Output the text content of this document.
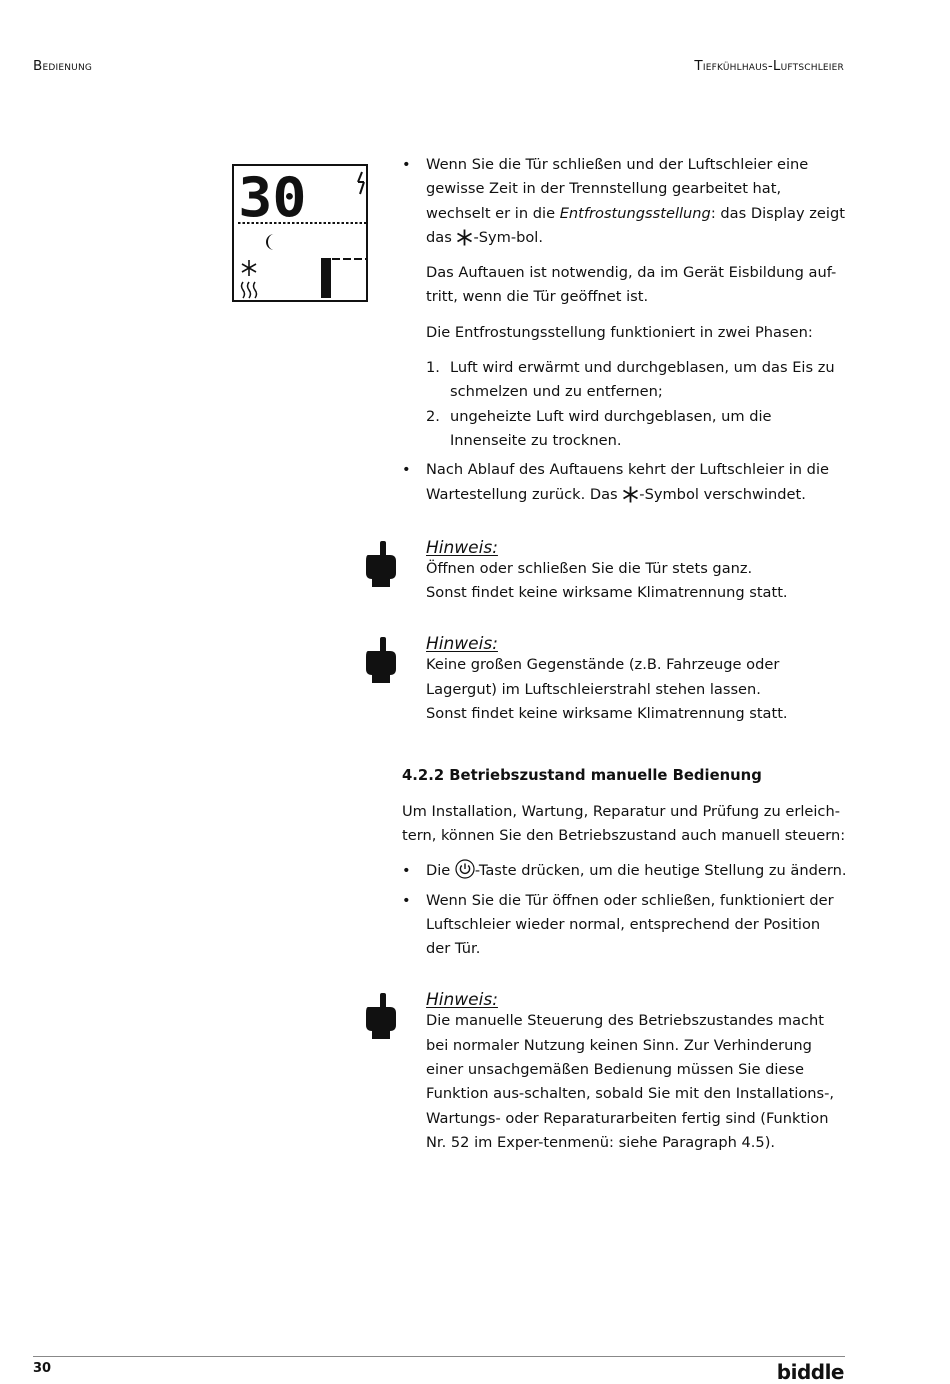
Bedienung	Tiefkühlhaus-Luftschleier
30

• Wenn Sie die Tür schließen und der Luftschleier eine gewisse Zeit in der Trennstellung gearbeitet hat, wechselt er in die Entfrostungsstellung: das Display zeigt das -Sym-bol.

Das Auftauen ist notwendig, da im Gerät Eisbildung auf-tritt, wenn die Tür geöffnet ist.

Die Entfrostungsstellung funktioniert in zwei Phasen:

1. Luft wird erwärmt und durchgeblasen, um das Eis zu schmelzen und zu entfernen;

2. ungeheizte Luft wird durchgeblasen, um die Innenseite zu trocknen.

• Nach Ablauf des Auftauens kehrt der Luftschleier in die Wartestellung zurück. Das -Symbol verschwindet.

Hinweis:

Öffnen oder schließen Sie die Tür stets ganz.

Sonst findet keine wirksame Klimatrennung statt.

Hinweis:

Keine großen Gegenstände (z.B. Fahrzeuge oder Lagergut) im Luftschleierstrahl stehen lassen.

Sonst findet keine wirksame Klimatrennung statt.

4.2.2 Betriebszustand manuelle Bedienung

Um Installation, Wartung, Reparatur und Prüfung zu erleich-tern, können Sie den Betriebszustand auch manuell steuern:

• Die -Taste drücken, um die heutige Stellung zu ändern.

• Wenn Sie die Tür öffnen oder schließen, funktioniert der Luftschleier wieder normal, entsprechend der Position der Tür.

Hinweis:

Die manuelle Steuerung des Betriebszustandes macht bei normaler Nutzung keinen Sinn. Zur Verhinderung einer unsachgemäßen Bedienung müssen Sie diese Funktion aus-schalten, sobald Sie mit den Installations-, Wartungs- oder Reparaturarbeiten fertig sind (Funktion Nr. 52 im Exper-tenmenü: siehe Paragraph 4.5).

30	biddle
